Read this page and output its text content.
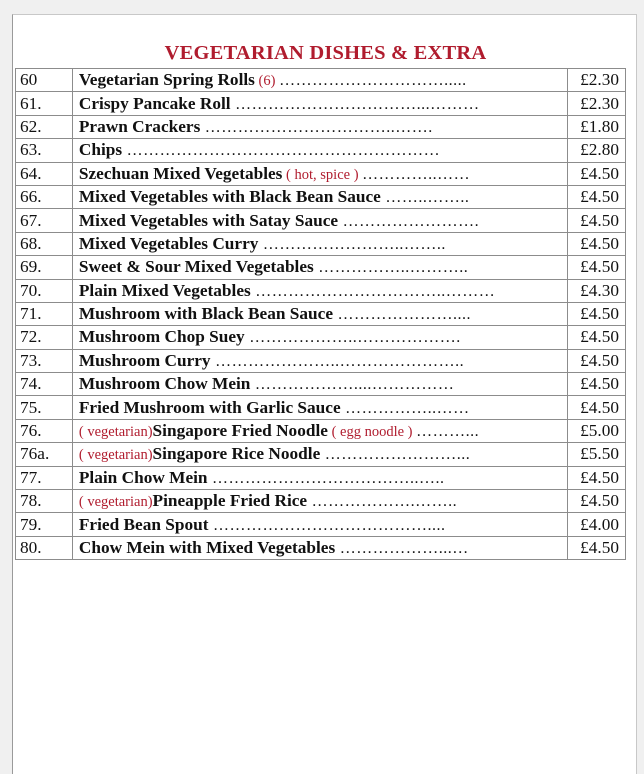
VEGETARIAN DISHES & EXTRA
60	Vegetarian Spring Rolls (6) ………………………….....	£2.30
61.	Crispy Pancake Roll ……………………………...………	£2.30
62.	Prawn Crackers ……………………………..…….	£1.80
63.	Chips …………………………………………………	£2.80
64.	Szechuan Mixed Vegetables ( hot, spice ) …………..……	£4.50
66.	Mixed Vegetables with Black Bean Sauce ……..……..	£4.50
67.	Mixed Vegetables with Satay Sauce …………………….	£4.50
68.	Mixed Vegetables Curry ……………………..……..	£4.50
69.	Sweet & Sour Mixed Vegetables ……………..………..	£4.50
70.	Plain Mixed Vegetables ……………………………..………	£4.30
71.	Mushroom with Black Bean Sauce …………………....	£4.50
72.	Mushroom Chop Suey ………………..……………….	£4.50
73.	Mushroom Curry …………………..…………………..	£4.50
74.	Mushroom Chow Mein ………………....……………	£4.50
75.	Fried Mushroom with Garlic Sauce ……………..……	£4.50
76.	( vegetarian)Singapore Fried Noodle ( egg noodle ) ………...	£5.00
76a.	( vegetarian)Singapore Rice Noodle ……………………...	£5.50
77.	Plain Chow Mein ………………………………..…..	£4.50
78.	( vegetarian)Pineapple Fried Rice ……………….……..	£4.50
79.	Fried Bean Spout …………………………………....	£4.00
80.	Chow Mein with Mixed Vegetables ………………...…	£4.50
